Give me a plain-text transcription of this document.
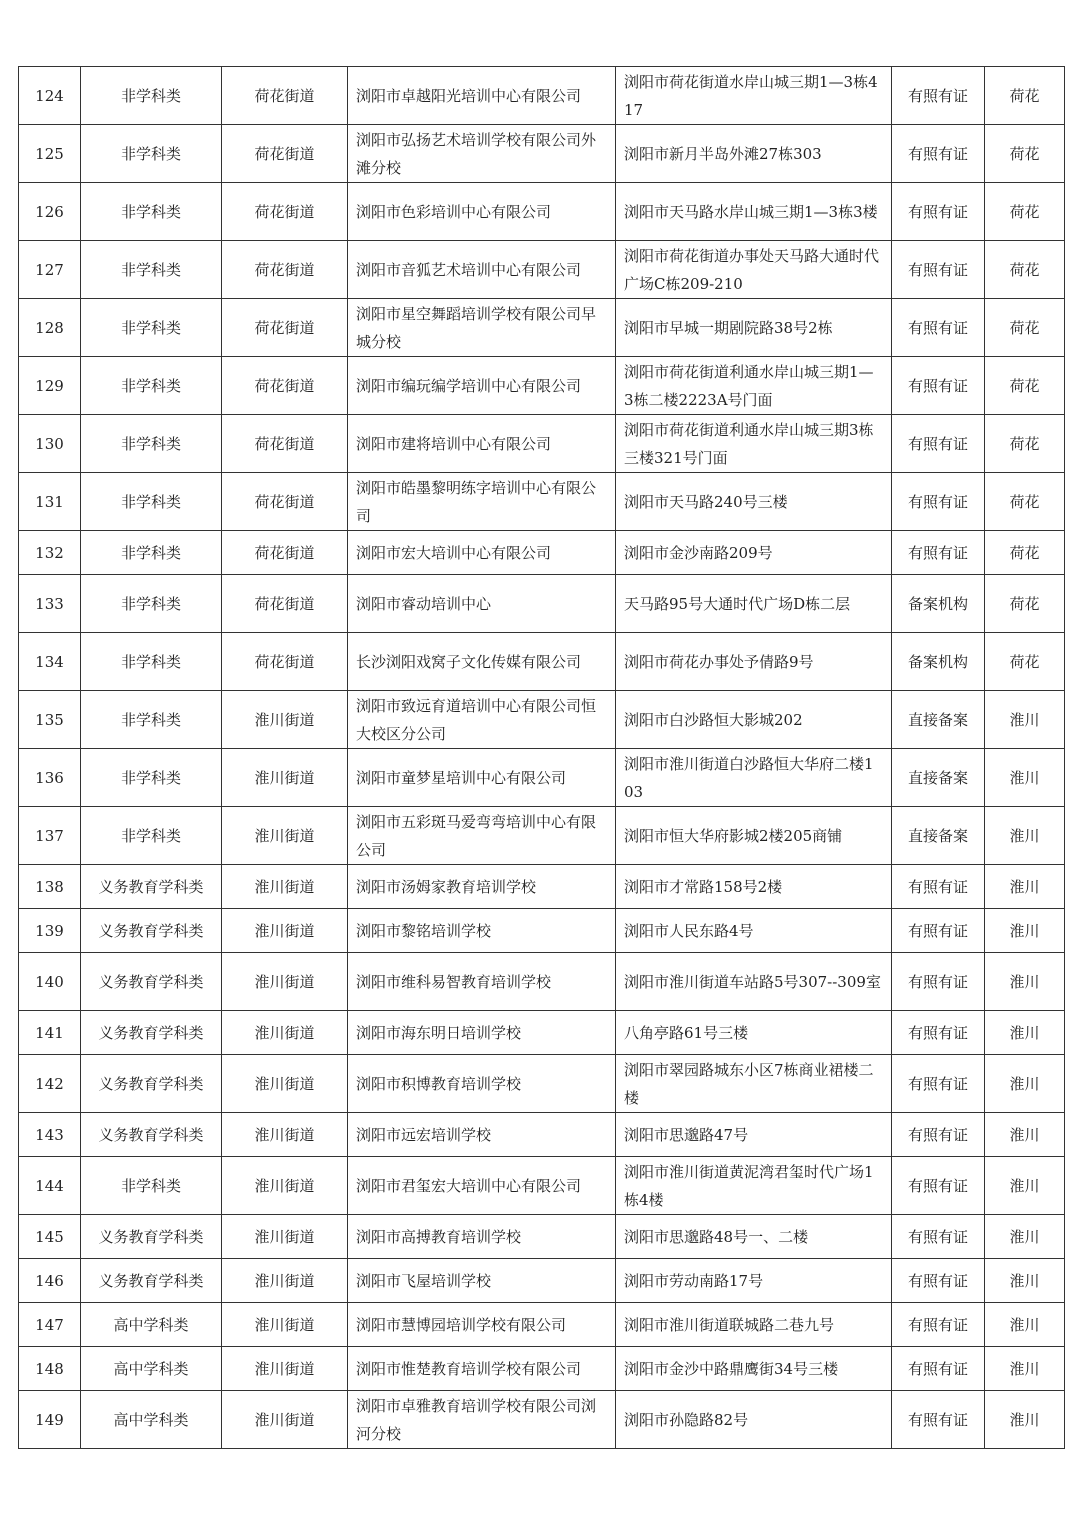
124	非学科类	荷花街道	浏阳市卓越阳光培训中心有限公司	浏阳市荷花街道水岸山城三期1—3栋417	有照有证	荷花
125	非学科类	荷花街道	浏阳市弘扬艺术培训学校有限公司外滩分校	浏阳市新月半岛外滩27栋303	有照有证	荷花
126	非学科类	荷花街道	浏阳市色彩培训中心有限公司	浏阳市天马路水岸山城三期1—3栋3楼	有照有证	荷花
127	非学科类	荷花街道	浏阳市音狐艺术培训中心有限公司	浏阳市荷花街道办事处天马路大通时代广场C栋209-210	有照有证	荷花
128	非学科类	荷花街道	浏阳市星空舞蹈培训学校有限公司早城分校	浏阳市早城一期剧院路38号2栋	有照有证	荷花
129	非学科类	荷花街道	浏阳市编玩编学培训中心有限公司	浏阳市荷花街道利通水岸山城三期1—3栋二楼2223A号门面	有照有证	荷花
130	非学科类	荷花街道	浏阳市建将培训中心有限公司	浏阳市荷花街道利通水岸山城三期3栋三楼321号门面	有照有证	荷花
131	非学科类	荷花街道	浏阳市皓墨黎明练字培训中心有限公司	浏阳市天马路240号三楼	有照有证	荷花
132	非学科类	荷花街道	浏阳市宏大培训中心有限公司	浏阳市金沙南路209号	有照有证	荷花
133	非学科类	荷花街道	浏阳市睿动培训中心	天马路95号大通时代广场D栋二层	备案机构	荷花
134	非学科类	荷花街道	长沙浏阳戏窝子文化传媒有限公司	浏阳市荷花办事处予倩路9号	备案机构	荷花
135	非学科类	淮川街道	浏阳市致远育道培训中心有限公司恒大校区分公司	浏阳市白沙路恒大影城202	直接备案	淮川
136	非学科类	淮川街道	浏阳市童梦星培训中心有限公司	浏阳市淮川街道白沙路恒大华府二楼103	直接备案	淮川
137	非学科类	淮川街道	浏阳市五彩斑马爱弯弯培训中心有限公司	浏阳市恒大华府影城2楼205商铺	直接备案	淮川
138	义务教育学科类	淮川街道	浏阳市汤姆家教育培训学校	浏阳市才常路158号2楼	有照有证	淮川
139	义务教育学科类	淮川街道	浏阳市黎铭培训学校	浏阳市人民东路4号	有照有证	淮川
140	义务教育学科类	淮川街道	浏阳市维科易智教育培训学校	浏阳市淮川街道车站路5号307--309室	有照有证	淮川
141	义务教育学科类	淮川街道	浏阳市海东明日培训学校	八角亭路61号三楼	有照有证	淮川
142	义务教育学科类	淮川街道	浏阳市积博教育培训学校	浏阳市翠园路城东小区7栋商业裙楼二楼	有照有证	淮川
143	义务教育学科类	淮川街道	浏阳市远宏培训学校	浏阳市思邈路47号	有照有证	淮川
144	非学科类	淮川街道	浏阳市君玺宏大培训中心有限公司	浏阳市淮川街道黄泥湾君玺时代广场1栋4楼	有照有证	淮川
145	义务教育学科类	淮川街道	浏阳市高搏教育培训学校	浏阳市思邈路48号一、二楼	有照有证	淮川
146	义务教育学科类	淮川街道	浏阳市飞屋培训学校	浏阳市劳动南路17号	有照有证	淮川
147	高中学科类	淮川街道	浏阳市慧博园培训学校有限公司	浏阳市淮川街道联城路二巷九号	有照有证	淮川
148	高中学科类	淮川街道	浏阳市惟楚教育培训学校有限公司	浏阳市金沙中路鼎鹰街34号三楼	有照有证	淮川
149	高中学科类	淮川街道	浏阳市卓雅教育培训学校有限公司浏河分校	浏阳市孙隐路82号	有照有证	淮川
